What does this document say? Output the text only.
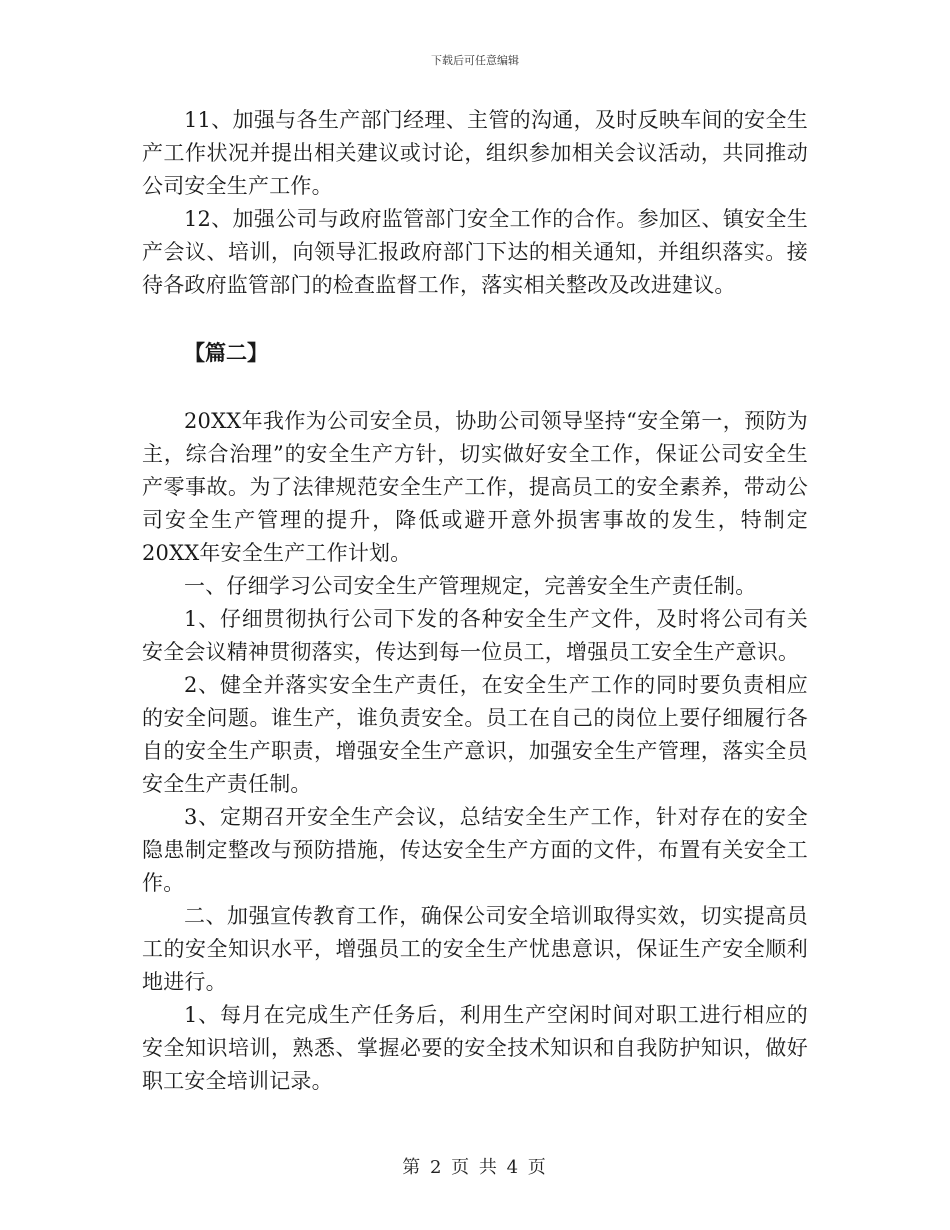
下载后可任意编辑

11、加强与各生产部门经理、主管的沟通，及时反映车间的安全生产工作状况并提出相关建议或讨论，组织参加相关会议活动，共同推动公司安全生产工作。

12、加强公司与政府监管部门安全工作的合作。参加区、镇安全生产会议、培训，向领导汇报政府部门下达的相关通知，并组织落实。接待各政府监管部门的检查监督工作，落实相关整改及改进建议。

【篇二】

20XX年我作为公司安全员，协助公司领导坚持“安全第一，预防为主，综合治理”的安全生产方针，切实做好安全工作，保证公司安全生产零事故。为了法律规范安全生产工作，提高员工的安全素养，带动公司安全生产管理的提升，降低或避开意外损害事故的发生，特制定20XX年安全生产工作计划。

一、仔细学习公司安全生产管理规定，完善安全生产责任制。

1、仔细贯彻执行公司下发的各种安全生产文件，及时将公司有关安全会议精神贯彻落实，传达到每一位员工，增强员工安全生产意识。

2、健全并落实安全生产责任，在安全生产工作的同时要负责相应的安全问题。谁生产，谁负责安全。员工在自己的岗位上要仔细履行各自的安全生产职责，增强安全生产意识，加强安全生产管理，落实全员安全生产责任制。

3、定期召开安全生产会议，总结安全生产工作，针对存在的安全隐患制定整改与预防措施，传达安全生产方面的文件，布置有关安全工作。

二、加强宣传教育工作，确保公司安全培训取得实效，切实提高员工的安全知识水平，增强员工的安全生产忧患意识，保证生产安全顺利地进行。

1、每月在完成生产任务后，利用生产空闲时间对职工进行相应的安全知识培训，熟悉、掌握必要的安全技术知识和自我防护知识，做好职工安全培训记录。

第 2 页 共 4 页
